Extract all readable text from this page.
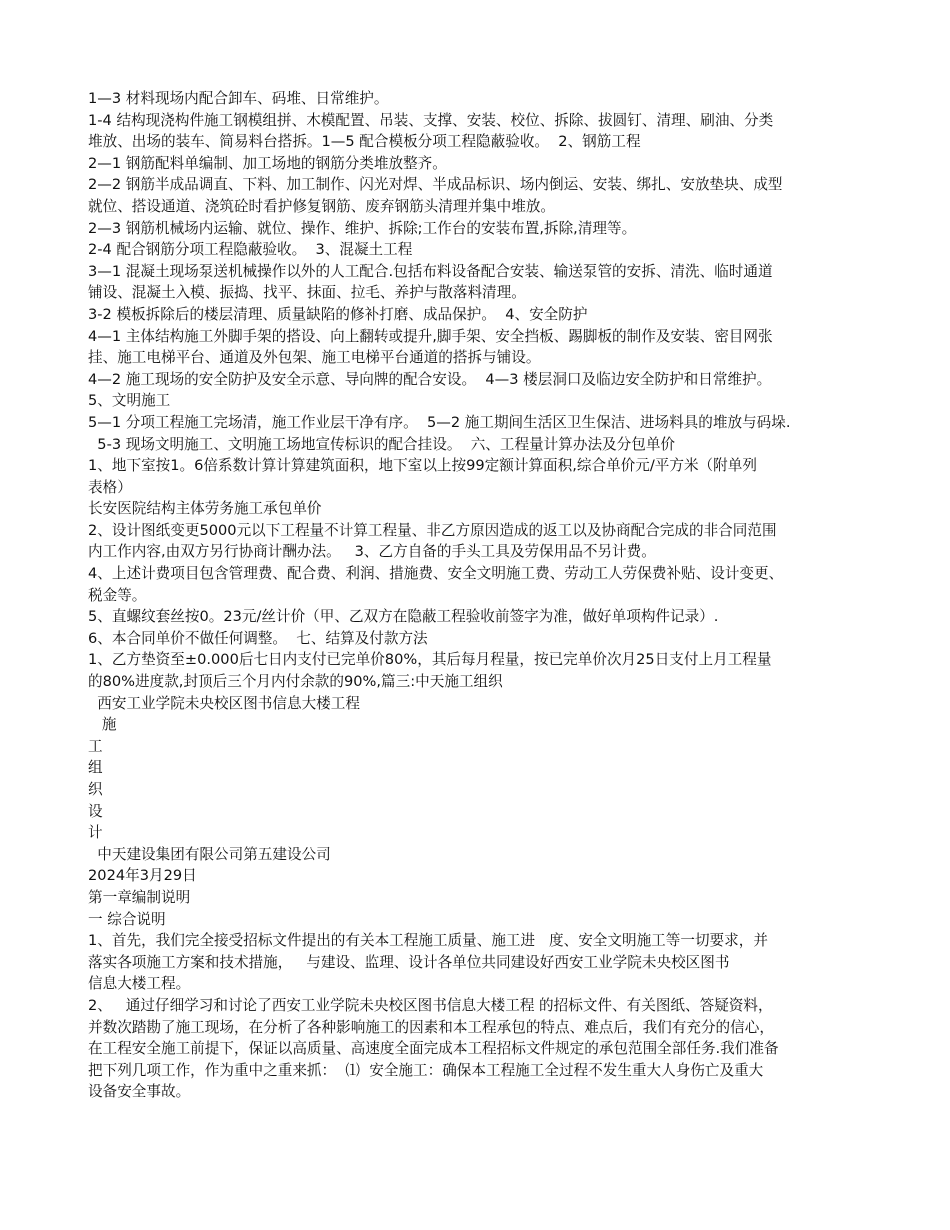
1—3 材料现场内配合卸车、码堆、日常维护。

1-4 结构现浇构件施工钢模组拼、木模配置、吊装、支撑、安装、校位、拆除、拔圆钉、清理、刷油、分类

堆放、出场的装车、简易料台搭拆。1—5 配合模板分项工程隐蔽验收。  2、钢筋工程

2—1 钢筋配料单编制、加工场地的钢筋分类堆放整齐。

2—2 钢筋半成品调直、下料、加工制作、闪光对焊、半成品标识、场内倒运、安装、绑扎、安放垫块、成型

就位、搭设通道、浇筑砼时看护修复钢筋、废弃钢筋头清理并集中堆放。

2—3 钢筋机械场内运输、就位、操作、维护、拆除;工作台的安装布置,拆除,清理等。

2-4 配合钢筋分项工程隐蔽验收。  3、混凝土工程

3—1 混凝土现场泵送机械操作以外的人工配合.包括布料设备配合安装、输送泵管的安拆、清洗、临时通道

铺设、混凝土入模、振捣、找平、抹面、拉毛、养护与散落料清理。

3-2 模板拆除后的楼层清理、质量缺陷的修补打磨、成品保护。  4、安全防护

4—1 主体结构施工外脚手架的搭设、向上翻转或提升,脚手架、安全挡板、踢脚板的制作及安装、密目网张

挂、施工电梯平台、通道及外包架、施工电梯平台通道的搭拆与铺设。

4—2 施工现场的安全防护及安全示意、导向牌的配合安设。  4—3 楼层洞口及临边安全防护和日常维护。

5、文明施工

5—1 分项工程施工完场清，施工作业层干净有序。  5—2 施工期间生活区卫生保洁、进场料具的堆放与码垛.

5-3 现场文明施工、文明施工场地宣传标识的配合挂设。  六、工程量计算办法及分包单价

1、地下室按1。6倍系数计算计算建筑面积，地下室以上按99定额计算面积,综合单价元/平方米（附单列

表格）

长安医院结构主体劳务施工承包单价

2、设计图纸变更5000元以下工程量不计算工程量、非乙方原因造成的返工以及协商配合完成的非合同范围

内工作内容,由双方另行协商计酬办法。   3、乙方自备的手头工具及劳保用品不另计费。

4、上述计费项目包含管理费、配合费、利润、措施费、安全文明施工费、劳动工人劳保费补贴、设计变更、

税金等。

5、直螺纹套丝按0。23元/丝计价（甲、乙双方在隐蔽工程验收前签字为准，做好单项构件记录）.

6、本合同单价不做任何调整。  七、结算及付款方法

1、乙方垫资至±0.000后七日内支付已完单价80%，其后每月程量，按已完单价次月25日支付上月工程量

的80%进度款,封顶后三个月内付余款的90%,篇三:中天施工组织

西安工业学院未央校区图书信息大楼工程

施

工

组

织

设

计

中天建设集团有限公司第五建设公司

2024年3月29日

第一章编制说明

一 综合说明

1、首先，我们完全接受招标文件提出的有关本工程施工质量、施工进   度、安全文明施工等一切要求，并

落实各项施工方案和技术措施，   与建设、监理、设计各单位共同建设好西安工业学院未央校区图书

信息大楼工程。

2、   通过仔细学习和讨论了西安工业学院未央校区图书信息大楼工程 的招标文件、有关图纸、答疑资料，

并数次踏勘了施工现场，在分析了各种影响施工的因素和本工程承包的特点、难点后，我们有充分的信心，

在工程安全施工前提下，保证以高质量、高速度全面完成本工程招标文件规定的承包范围全部任务.我们准备

把下列几项工作，作为重中之重来抓：  ⑴  安全施工：确保本工程施工全过程不发生重大人身伤亡及重大

设备安全事故。
